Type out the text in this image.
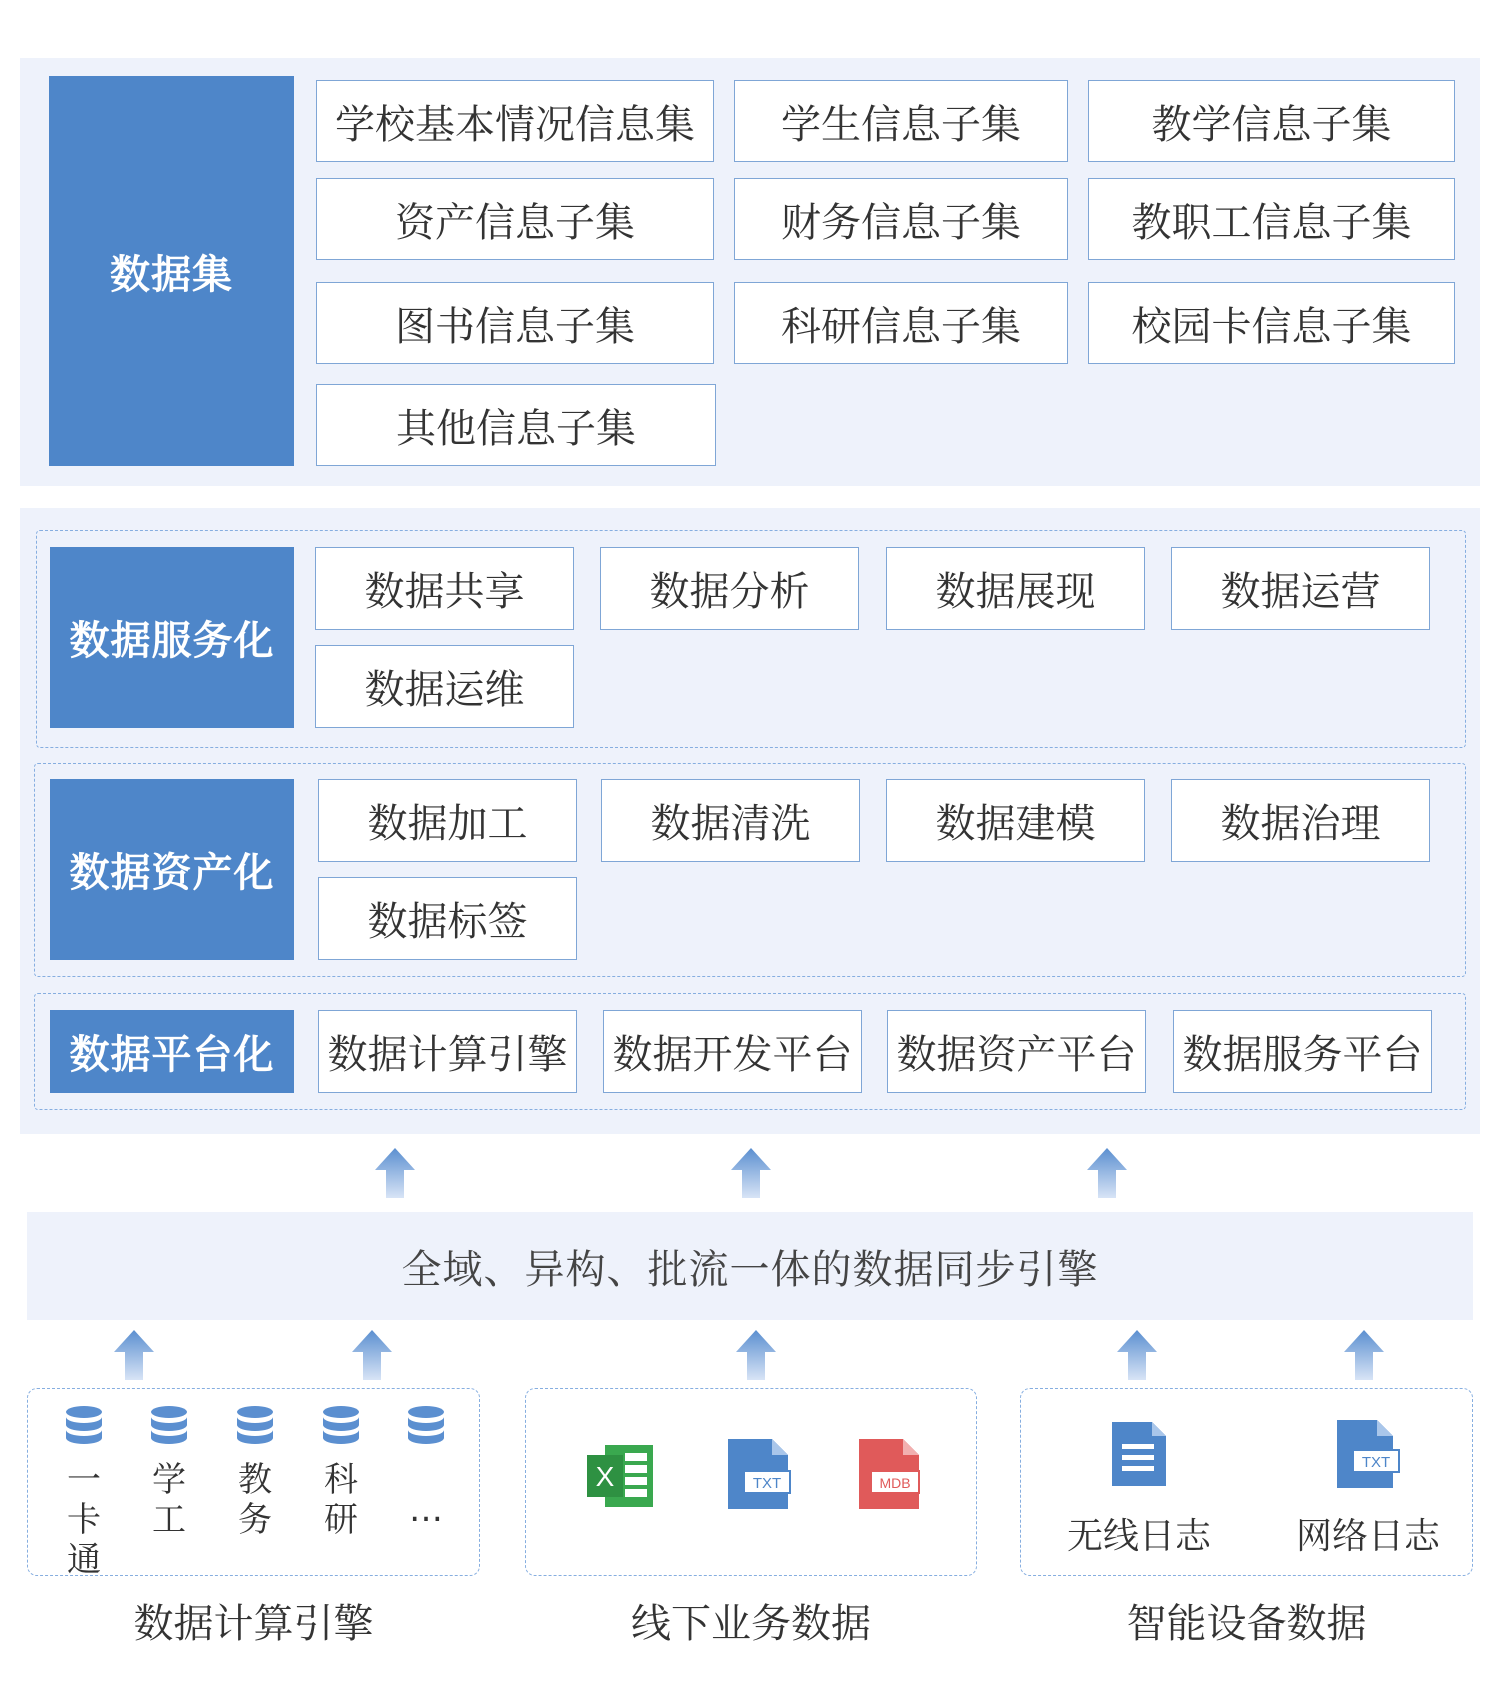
数据集
学校基本情况信息集	学生信息子集	教学信息子集
资产信息子集	财务信息子集	教职工信息子集
图书信息子集	科研信息子集	校园卡信息子集
其他信息子集
数据服务化
数据共享	数据分析	数据展现	数据运营
数据运维
数据资产化
数据加工	数据清洗	数据建模	数据治理
数据标签
数据平台化	数据计算引擎 数据开发平台 数据资产平台 数据服务平台
全域、异构、批流一体的数据同步引擎
一卡通
学工
教务
科研 …
数据计算引擎
X	TXT	MDB
线下业务数据
TXT
无线日志 网络日志
智能设备数据
